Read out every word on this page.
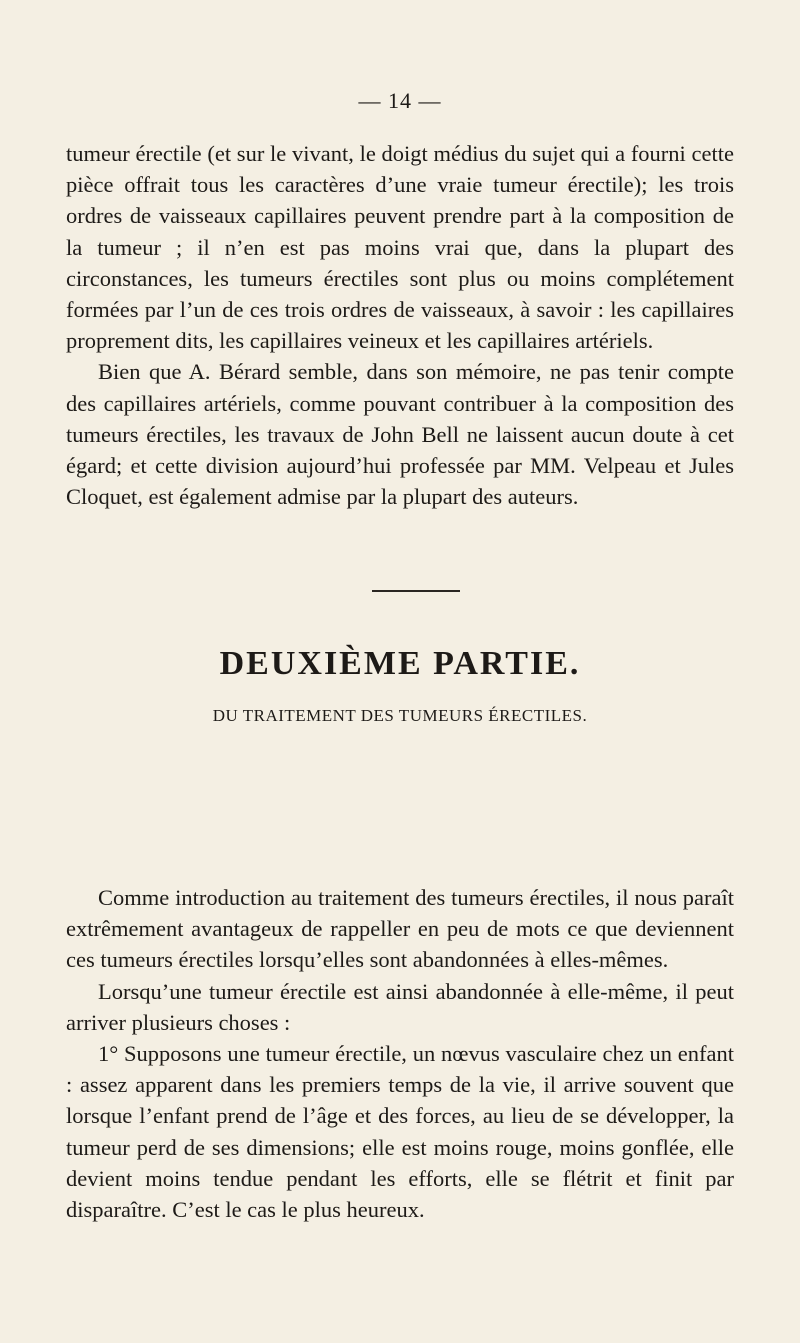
— 14 —

tumeur érectile (et sur le vivant, le doigt médius du sujet qui a fourni cette pièce offrait tous les caractères d’une vraie tumeur érectile); les trois ordres de vaisseaux capillaires peuvent prendre part à la composition de la tumeur ; il n’en est pas moins vrai que, dans la plupart des circonstances, les tumeurs érectiles sont plus ou moins complétement formées par l’un de ces trois ordres de vaisseaux, à savoir : les capillaires proprement dits, les capillaires veineux et les capillaires artériels.

Bien que A. Bérard semble, dans son mémoire, ne pas tenir compte des capillaires artériels, comme pouvant contribuer à la composition des tumeurs érectiles, les travaux de John Bell ne laissent aucun doute à cet égard; et cette division aujourd’hui professée par MM. Velpeau et Jules Cloquet, est également admise par la plupart des auteurs.

DEUXIÈME PARTIE.
DU TRAITEMENT DES TUMEURS ÉRECTILES.

Comme introduction au traitement des tumeurs érectiles, il nous paraît extrêmement avantageux de rappeller en peu de mots ce que deviennent ces tumeurs érectiles lorsqu’elles sont abandonnées à elles-mêmes.

Lorsqu’une tumeur érectile est ainsi abandonnée à elle-même, il peut arriver plusieurs choses :

1° Supposons une tumeur érectile, un nœvus vasculaire chez un enfant : assez apparent dans les premiers temps de la vie, il arrive souvent que lorsque l’enfant prend de l’âge et des forces, au lieu de se développer, la tumeur perd de ses dimensions; elle est moins rouge, moins gonflée, elle devient moins tendue pendant les efforts, elle se flétrit et finit par disparaître. C’est le cas le plus heureux.
